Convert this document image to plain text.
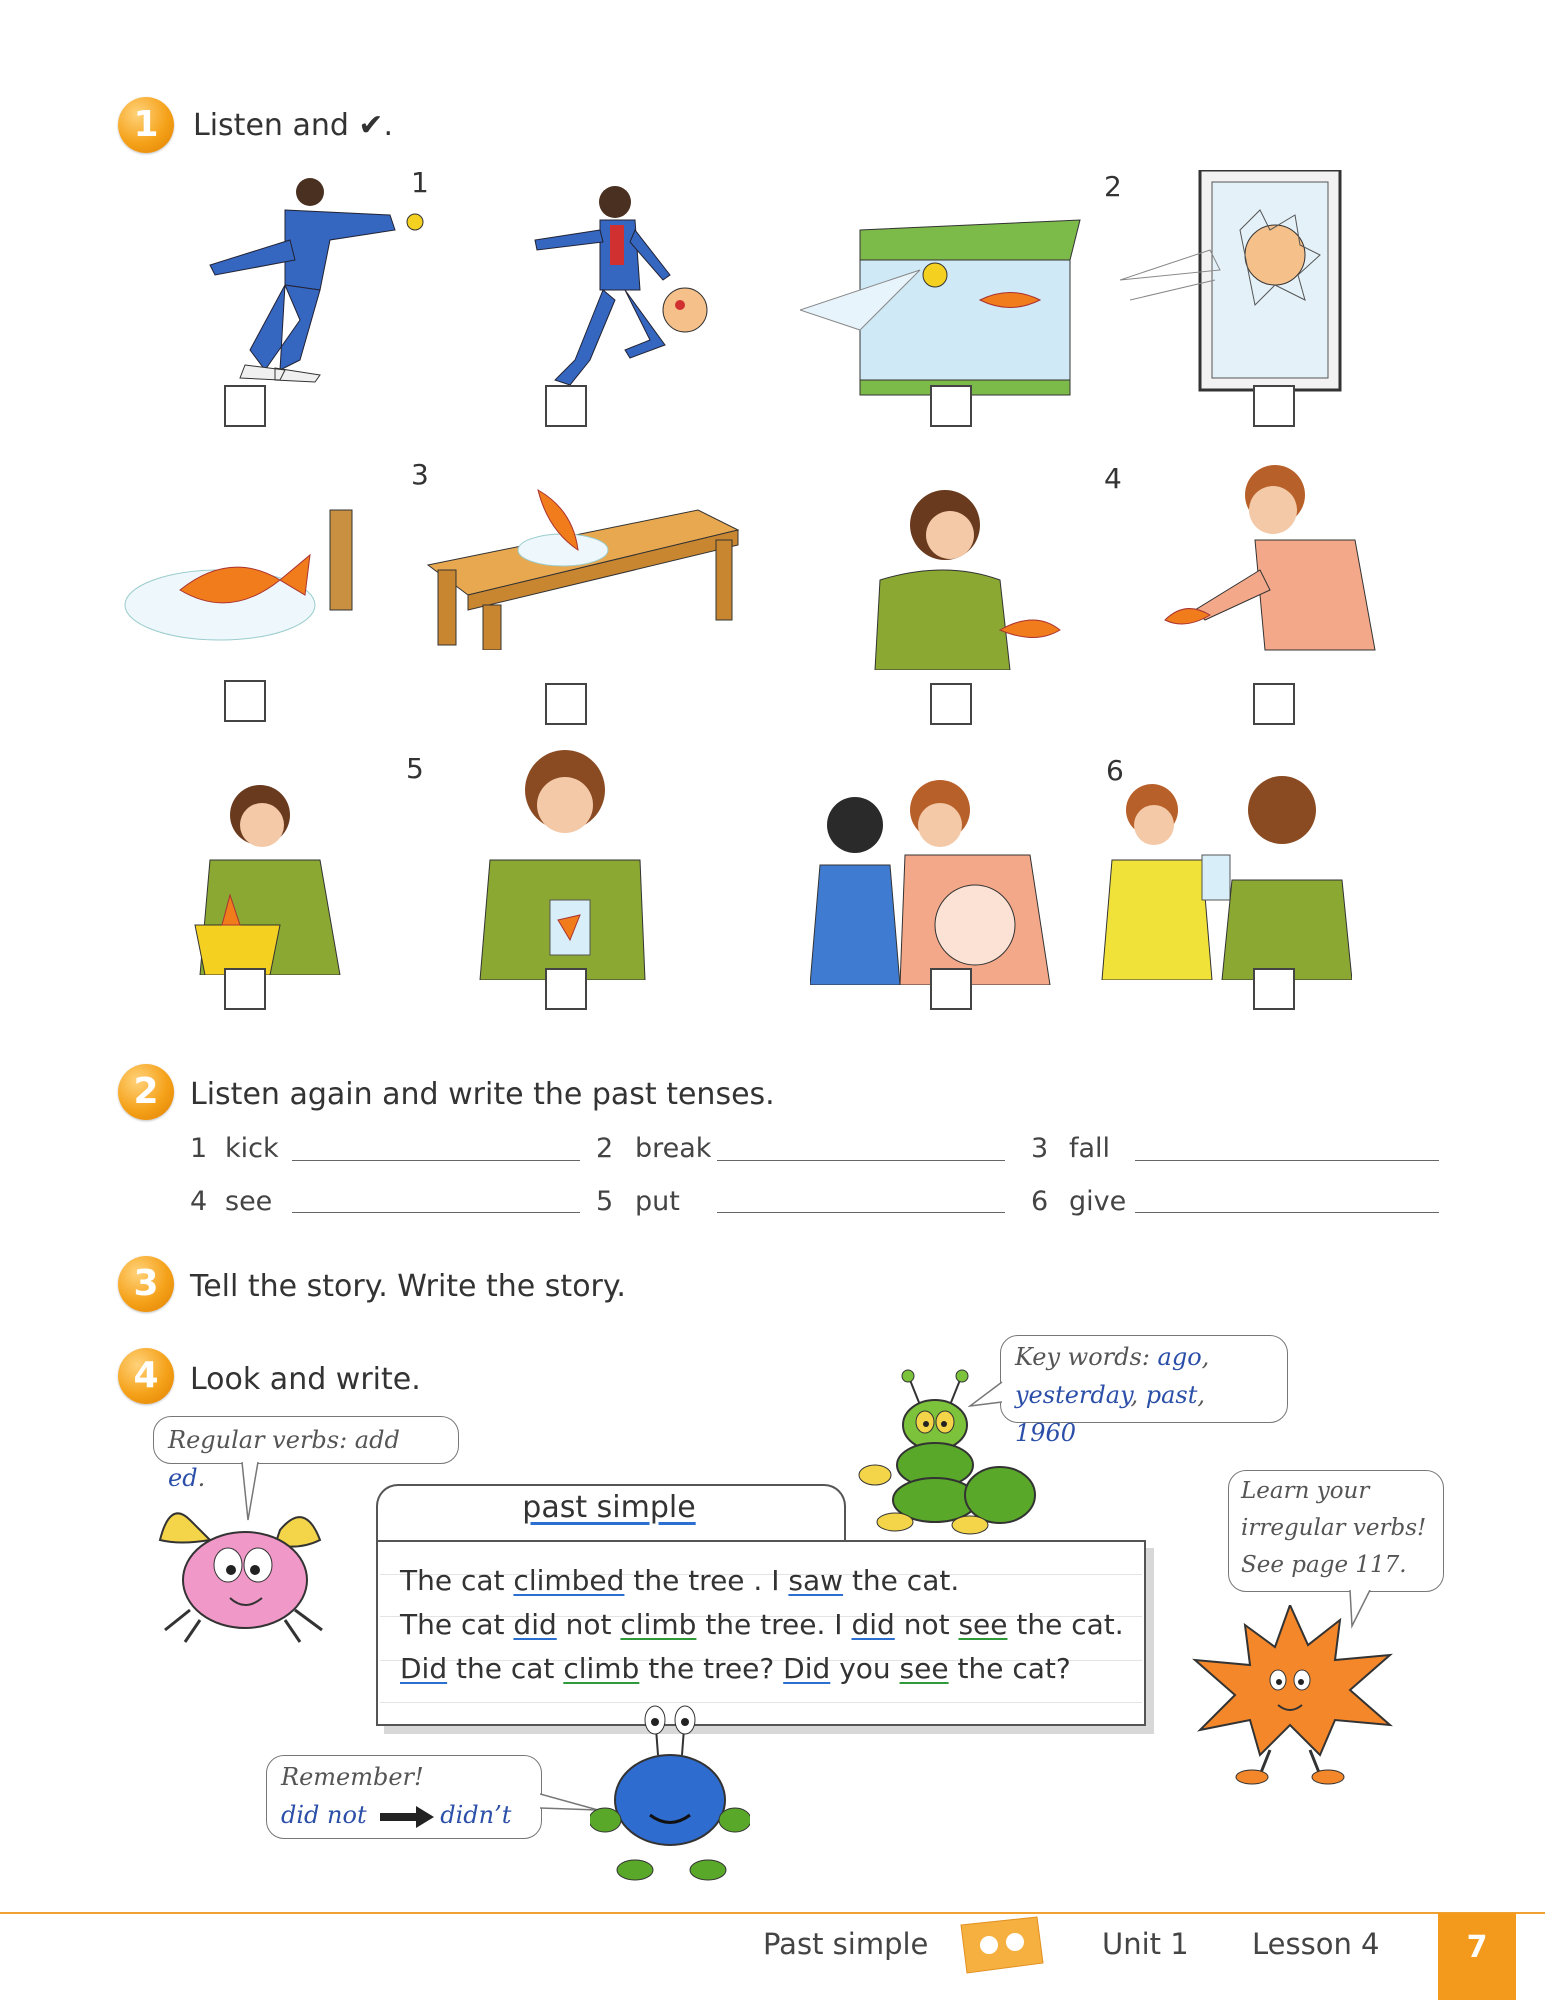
1	Listen and ✔.
1	2
3	4
5	6
2	Listen again and write the past tenses.
1 kick	2 break	3 fall
4 see	5 put	6 give
3	Tell the story. Write the story.
4	Look and write.
Regular verbs: add ed.
Key words: ago,
yesterday, past, 1960
past simple
The cat climbed the tree . I saw the cat.
The cat did not climb the tree. I did not see the cat.
Did the cat climb the tree? Did you see the cat?
Learn your
irregular verbs!
See page 117.
Remember!
did not	didn’t
Past simple	Unit 1 Lesson 4	7
